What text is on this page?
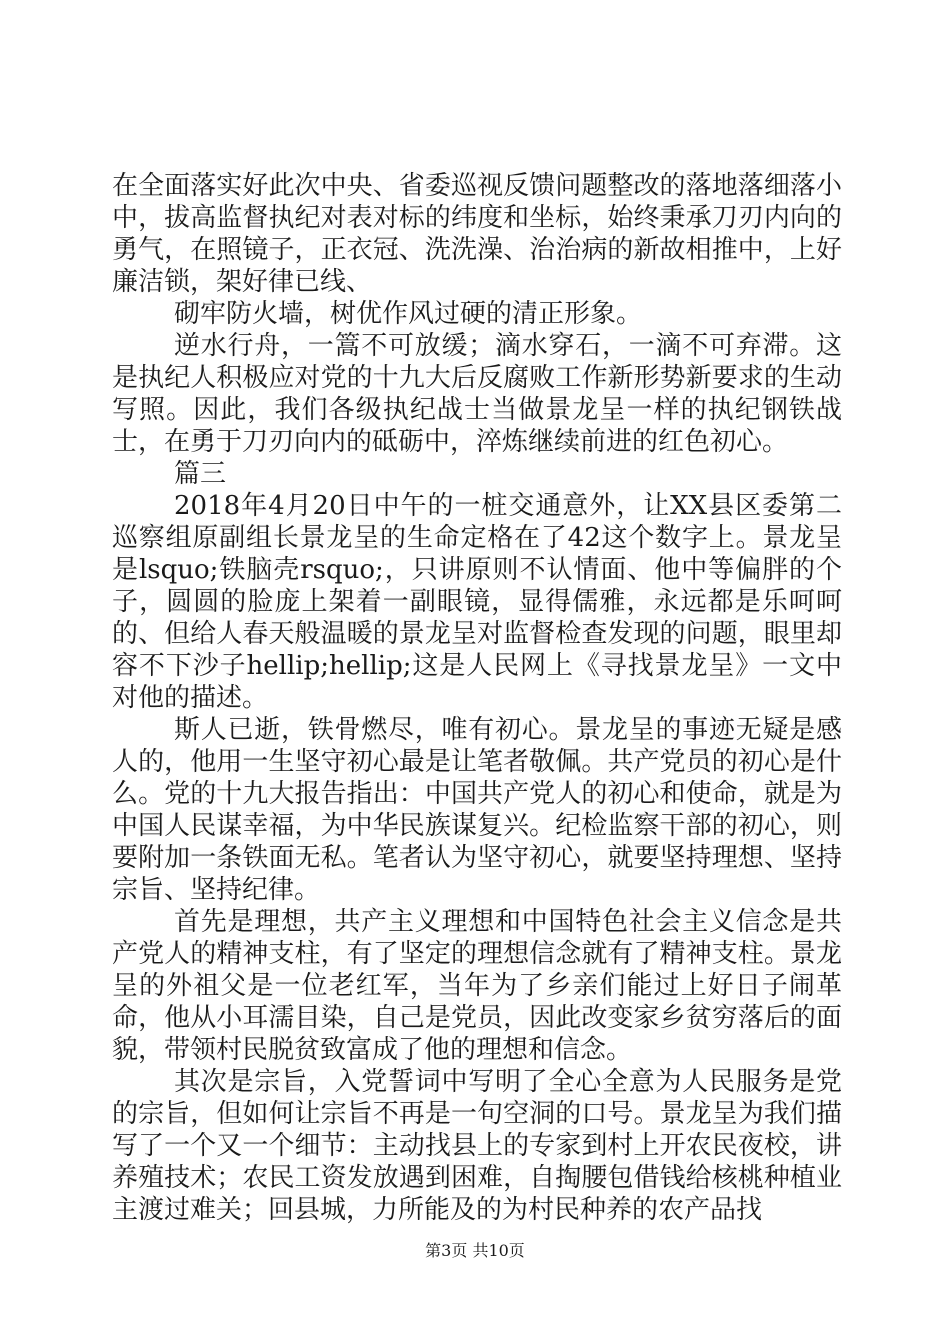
在全面落实好此次中央、省委巡视反馈问题整改的落地落细落小中，拔高监督执纪对表对标的纬度和坐标，始终秉承刀刃内向的勇气，在照镜子，正衣冠、洗洗澡、治治病的新故相推中，上好廉洁锁，架好律已线、

砌牢防火墙，树优作风过硬的清正形象。

逆水行舟，一篙不可放缓；滴水穿石，一滴不可弃滞。这是执纪人积极应对党的十九大后反腐败工作新形势新要求的生动写照。因此，我们各级执纪战士当做景龙呈一样的执纪钢铁战士，在勇于刀刃向内的砥砺中，淬炼继续前进的红色初心。

篇三

2018年4月20日中午的一桩交通意外，让XX县区委第二巡察组原副组长景龙呈的生命定格在了42这个数字上。景龙呈是lsquo;铁脑壳rsquo;，只讲原则不认情面、他中等偏胖的个子，圆圆的脸庞上架着一副眼镜，显得儒雅，永远都是乐呵呵的、但给人春天般温暖的景龙呈对监督检查发现的问题，眼里却容不下沙子hellip;hellip;这是人民网上《寻找景龙呈》一文中对他的描述。

斯人已逝，铁骨燃尽，唯有初心。景龙呈的事迹无疑是感人的，他用一生坚守初心最是让笔者敬佩。共产党员的初心是什么。党的十九大报告指出：中国共产党人的初心和使命，就是为中国人民谋幸福，为中华民族谋复兴。纪检监察干部的初心，则要附加一条铁面无私。笔者认为坚守初心，就要坚持理想、坚持宗旨、坚持纪律。

首先是理想，共产主义理想和中国特色社会主义信念是共产党人的精神支柱，有了坚定的理想信念就有了精神支柱。景龙呈的外祖父是一位老红军，当年为了乡亲们能过上好日子闹革命，他从小耳濡目染，自己是党员，因此改变家乡贫穷落后的面貌，带领村民脱贫致富成了他的理想和信念。

其次是宗旨，入党誓词中写明了全心全意为人民服务是党的宗旨，但如何让宗旨不再是一句空洞的口号。景龙呈为我们描写了一个又一个细节：主动找县上的专家到村上开农民夜校，讲养殖技术；农民工资发放遇到困难，自掏腰包借钱给核桃种植业主渡过难关；回县城，力所能及的为村民种养的农产品找

第3页 共10页
